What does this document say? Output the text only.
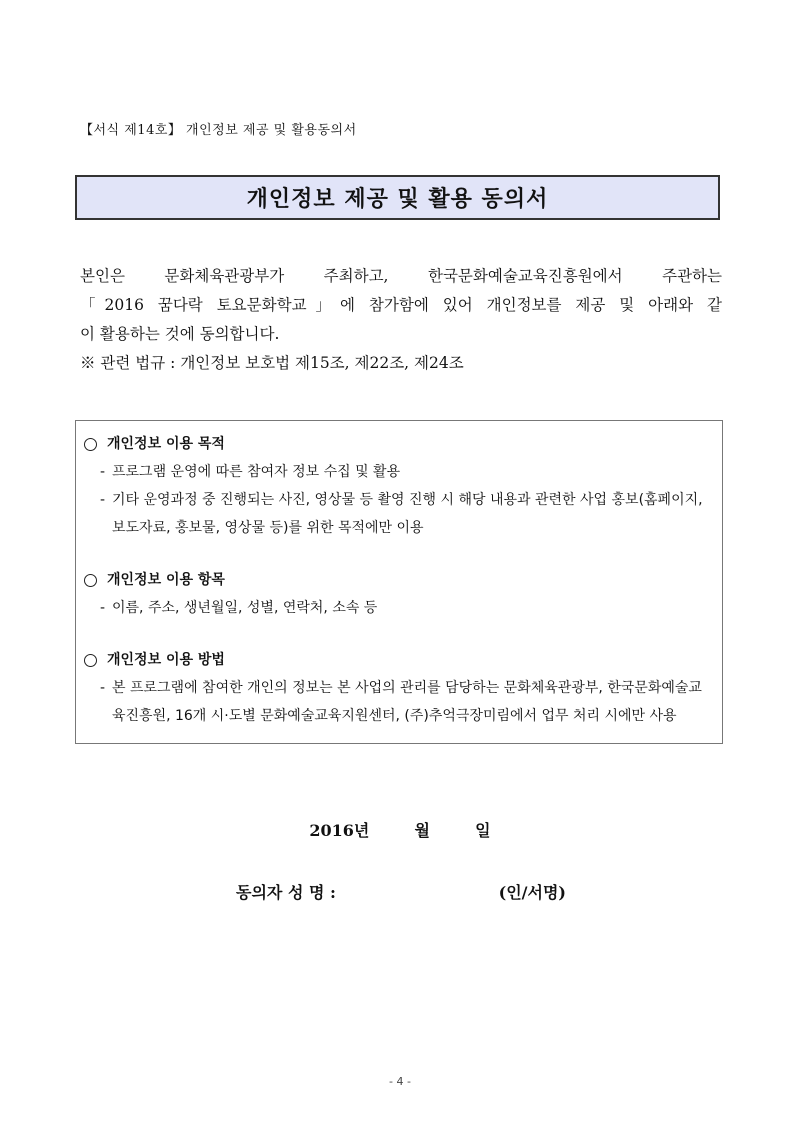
【서식 제14호】 개인정보 제공 및 활용동의서
개인정보 제공 및 활용 동의서
본인은 문화체육관광부가 주최하고, 한국문화예술교육진흥원에서 주관하는
「2016 꿈다락 토요문화학교」에 참가함에 있어 개인정보를 제공 및 아래와 같
이 활용하는 것에 동의합니다.
※ 관련 법규 : 개인정보 보호법 제15조, 제22조, 제24조
개인정보 이용 목적
- 프로그램 운영에 따른 참여자 정보 수집 및 활용
- 기타 운영과정 중 진행되는 사진, 영상물 등 촬영 진행 시 해당 내용과 관련한 사업 홍보(홈페이지, 보도자료, 홍보물, 영상물 등)를 위한 목적에만 이용
개인정보 이용 항목
- 이름, 주소, 생년월일, 성별, 연락처, 소속 등
개인정보 이용 방법
- 본 프로그램에 참여한 개인의 정보는 본 사업의 관리를 담당하는 문화체육관광부, 한국문화예술교육진흥원, 16개 시·도별 문화예술교육지원센터, (주)추억극장미림에서 업무 처리 시에만 사용
2016년	월	일
동의자 성 명 :	(인/서명)
- 4 -
